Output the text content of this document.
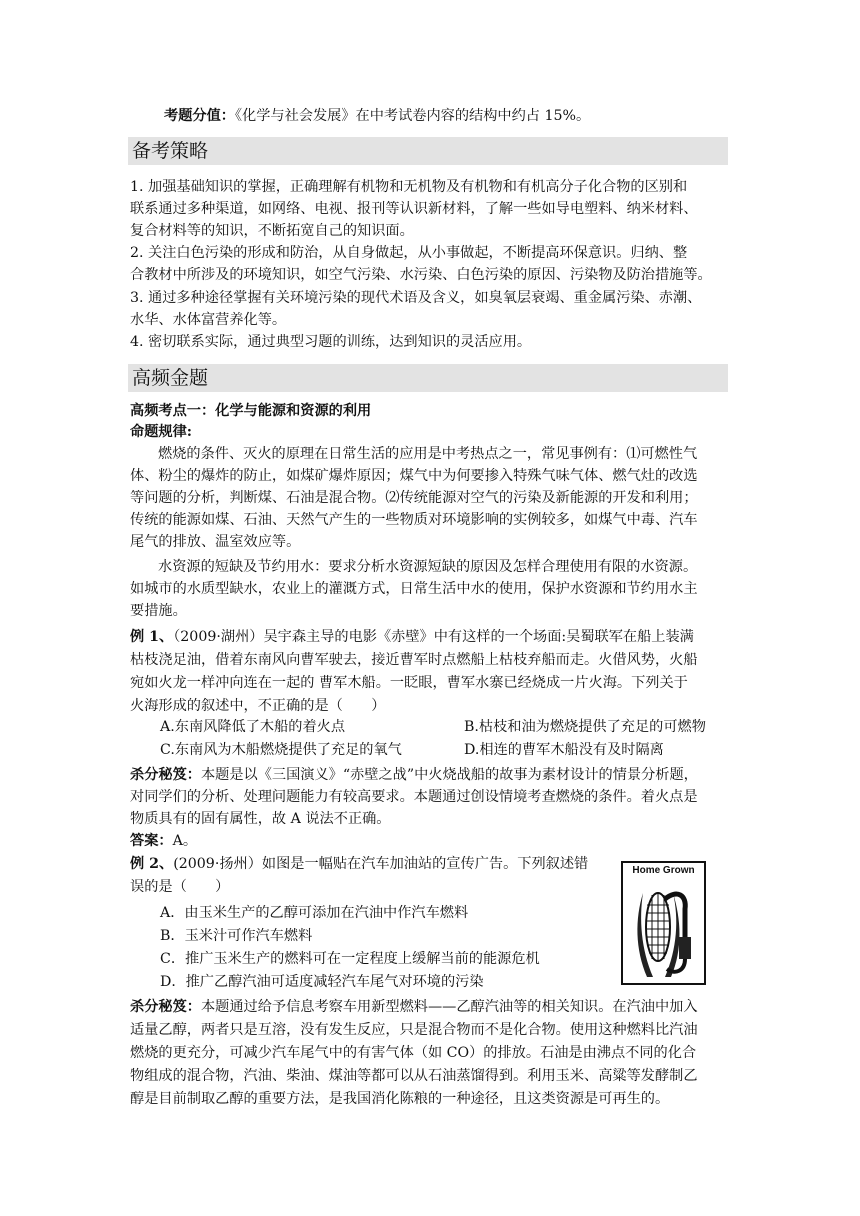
考题分值：《化学与社会发展》在中考试卷内容的结构中约占 15%。
备考策略
1. 加强基础知识的掌握，正确理解有机物和无机物及有机物和有机高分子化合物的区别和
联系通过多种渠道，如网络、电视、报刊等认识新材料，了解一些如导电塑料、纳米材料、
复合材料等的知识，不断拓宽自己的知识面。
2. 关注白色污染的形成和防治，从自身做起，从小事做起，不断提高环保意识。归纳、整
合教材中所涉及的环境知识，如空气污染、水污染、白色污染的原因、污染物及防治措施等。
3. 通过多种途径掌握有关环境污染的现代术语及含义，如臭氧层衰竭、重金属污染、赤潮、
水华、水体富营养化等。
4. 密切联系实际，通过典型习题的训练，达到知识的灵活应用。
高频金题
高频考点一：化学与能源和资源的利用
命题规律:
燃烧的条件、灭火的原理在日常生活的应用是中考热点之一，常见事例有：⑴可燃性气
体、粉尘的爆炸的防止，如煤矿爆炸原因；煤气中为何要掺入特殊气味气体、燃气灶的改选
等问题的分析，判断煤、石油是混合物。⑵传统能源对空气的污染及新能源的开发和利用；
传统的能源如煤、石油、天然气产生的一些物质对环境影响的实例较多，如煤气中毒、汽车
尾气的排放、温室效应等。
水资源的短缺及节约用水：要求分析水资源短缺的原因及怎样合理使用有限的水资源。
如城市的水质型缺水，农业上的灌溉方式，日常生活中水的使用，保护水资源和节约用水主
要措施。
例 1、（2009·湖州）吴宇森主导的电影《赤壁》中有这样的一个场面:吴蜀联军在船上装满
枯枝浇足油，借着东南风向曹军驶去，接近曹军时点燃船上枯枝弃船而走。火借风势，火船
宛如火龙一样冲向连在一起的 曹军木船。一眨眼，曹军水寨已经烧成一片火海。下列关于
火海形成的叙述中，不正确的是（　　）
A.东南风降低了木船的着火点	B.枯枝和油为燃烧提供了充足的可燃物
C.东南风为木船燃烧提供了充足的氧气	D.相连的曹军木船没有及时隔离
杀分秘笈：本题是以《三国演义》“赤壁之战”中火烧战船的故事为素材设计的情景分析题，
对同学们的分析、处理问题能力有较高要求。本题通过创设情境考查燃烧的条件。着火点是
物质具有的固有属性，故 A 说法不正确。
答案：A。
例 2、(2009·扬州）如图是一幅贴在汽车加油站的宣传广告。下列叙述错
误的是（　　）
A．由玉米生产的乙醇可添加在汽油中作汽车燃料
B．玉米汁可作汽车燃料
C．推广玉米生产的燃料可在一定程度上缓解当前的能源危机
D．推广乙醇汽油可适度减轻汽车尾气对环境的污染
Home Grown
杀分秘笈：本题通过给予信息考察车用新型燃料——乙醇汽油等的相关知识。在汽油中加入
适量乙醇，两者只是互溶，没有发生反应，只是混合物而不是化合物。使用这种燃料比汽油
燃烧的更充分，可减少汽车尾气中的有害气体（如 CO）的排放。石油是由沸点不同的化合
物组成的混合物，汽油、柴油、煤油等都可以从石油蒸馏得到。利用玉米、高粱等发酵制乙
醇是目前制取乙醇的重要方法，是我国消化陈粮的一种途径，且这类资源是可再生的。
